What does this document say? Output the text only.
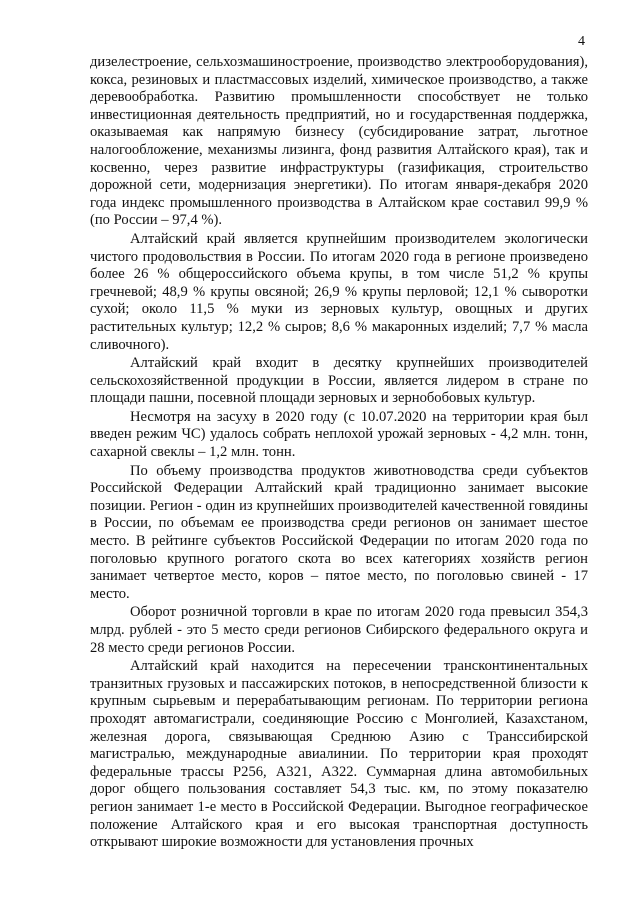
4

дизелестроение, сельхозмашиностроение, производство электрооборудования), кокса, резиновых и пластмассовых изделий, химическое производство, а также деревообработка. Развитию промышленности способствует не только инвестиционная деятельность предприятий, но и государственная поддержка, оказываемая как напрямую бизнесу (субсидирование затрат, льготное налогообложение, механизмы лизинга, фонд развития Алтайского края), так и косвенно, через развитие инфраструктуры (газификация, строительство дорожной сети, модернизация энергетики). По итогам января-декабря 2020 года индекс промышленного производства в Алтайском крае составил 99,9 % (по России – 97,4 %).

Алтайский край является крупнейшим производителем экологически чистого продовольствия в России. По итогам 2020 года в регионе произведено более 26 % общероссийского объема крупы, в том числе 51,2 % крупы гречневой; 48,9 % крупы овсяной; 26,9 % крупы перловой; 12,1 % сыворотки сухой; около 11,5 % муки из зерновых культур, овощных и других растительных культур; 12,2 % сыров; 8,6 % макаронных изделий; 7,7 % масла сливочного).

Алтайский край входит в десятку крупнейших производителей сельскохозяйственной продукции в России, является лидером в стране по площади пашни, посевной площади зерновых и зернобобовых культур.

Несмотря на засуху в 2020 году (с 10.07.2020 на территории края был введен режим ЧС) удалось собрать неплохой урожай зерновых - 4,2 млн. тонн, сахарной свеклы – 1,2 млн. тонн.

По объему производства продуктов животноводства среди субъектов Российской Федерации Алтайский край традиционно занимает высокие позиции. Регион - один из крупнейших производителей качественной говядины в России, по объемам ее производства среди регионов он занимает шестое место. В рейтинге субъектов Российской Федерации по итогам 2020 года по поголовью крупного рогатого скота во всех категориях хозяйств регион занимает четвертое место, коров – пятое место, по поголовью свиней - 17 место.

Оборот розничной торговли в крае по итогам 2020 года превысил 354,3 млрд. рублей - это 5 место среди регионов Сибирского федерального округа и 28 место среди регионов России.

Алтайский край находится на пересечении трансконтинентальных транзитных грузовых и пассажирских потоков, в непосредственной близости к крупным сырьевым и перерабатывающим регионам. По территории региона проходят автомагистрали, соединяющие Россию с Монголией, Казахстаном, железная дорога, связывающая Среднюю Азию с Транссибирской магистралью, международные авиалинии. По территории края проходят федеральные трассы Р256, А321, А322. Суммарная длина автомобильных дорог общего пользования составляет 54,3 тыс. км, по этому показателю регион занимает 1-е место в Российской Федерации. Выгодное географическое положение Алтайского края и его высокая транспортная доступность открывают широкие возможности для установления прочных
